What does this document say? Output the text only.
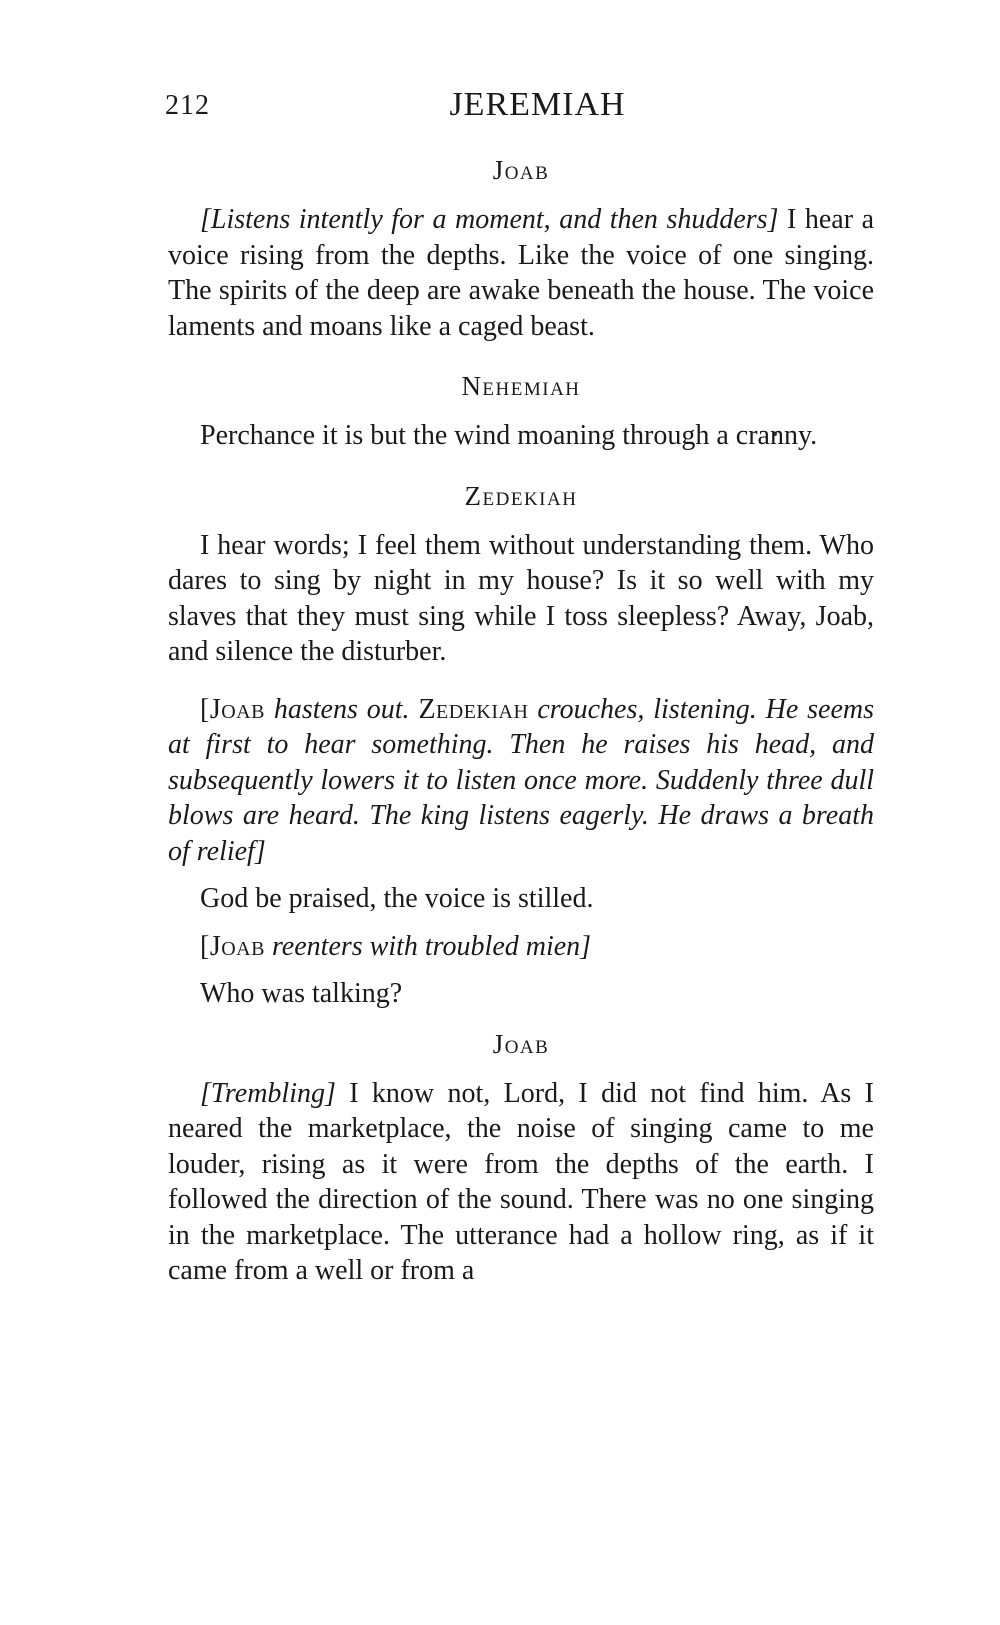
212	JEREMIAH
Joab

[Listens intently for a moment, and then shudders] I hear a voice rising from the depths. Like the voice of one singing. The spirits of the deep are awake beneath the house. The voice laments and moans like a caged beast.

Nehemiah

Perchance it is but the wind moaning through a cranny.

Zedekiah

I hear words; I feel them without understanding them. Who dares to sing by night in my house? Is it so well with my slaves that they must sing while I toss sleepless? Away, Joab, and silence the disturber.

[Joab hastens out. Zedekiah crouches, listening. He seems at first to hear something. Then he raises his head, and subsequently lowers it to listen once more. Suddenly three dull blows are heard. The king listens eagerly. He draws a breath of relief]

God be praised, the voice is stilled.

[Joab reenters with troubled mien]

Who was talking?

Joab

[Trembling] I know not, Lord, I did not find him. As I neared the marketplace, the noise of singing came to me louder, rising as it were from the depths of the earth. I followed the direction of the sound. There was no one singing in the marketplace. The utterance had a hollow ring, as if it came from a well or from a
